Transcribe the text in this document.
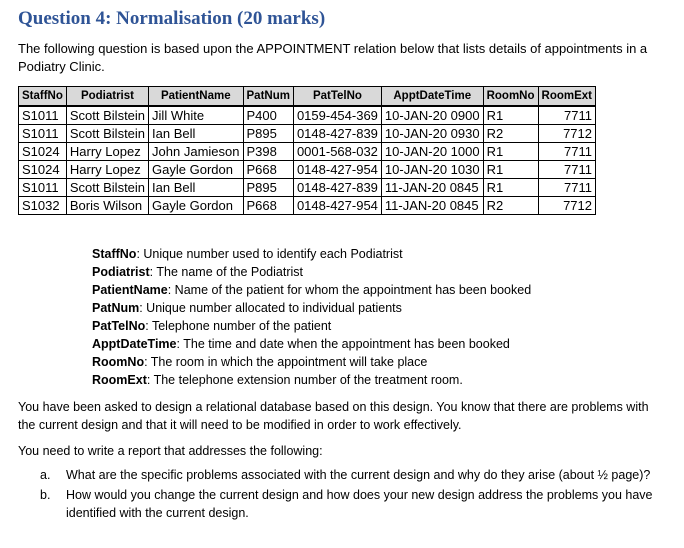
Question 4: Normalisation (20 marks)
The following question is based upon the APPOINTMENT relation below that lists details of appointments in a Podiatry Clinic.
StaffNo	Podiatrist	PatientName	PatNum	PatTelNo	ApptDateTime	RoomNo	RoomExt
S1011	Scott Bilstein	Jill White	P400	0159-454-369	10-JAN-20 0900	R1	7711
S1011	Scott Bilstein	Ian Bell	P895	0148-427-839	10-JAN-20 0930	R2	7712
S1024	Harry Lopez	John Jamieson	P398	0001-568-032	10-JAN-20 1000	R1	7711
S1024	Harry Lopez	Gayle Gordon	P668	0148-427-954	10-JAN-20 1030	R1	7711
S1011	Scott Bilstein	Ian Bell	P895	0148-427-839	11-JAN-20 0845	R1	7711
S1032	Boris Wilson	Gayle Gordon	P668	0148-427-954	11-JAN-20 0845	R2	7712
StaffNo: Unique number used to identify each Podiatrist
Podiatrist: The name of the Podiatrist
PatientName: Name of the patient for whom the appointment has been booked
PatNum: Unique number allocated to individual patients
PatTelNo: Telephone number of the patient
ApptDateTime: The time and date when the appointment has been booked
RoomNo: The room in which the appointment will take place
RoomExt: The telephone extension number of the treatment room.
You have been asked to design a relational database based on this design. You know that there are problems with the current design and that it will need to be modified in order to work effectively.
You need to write a report that addresses the following:
a. What are the specific problems associated with the current design and why do they arise (about ½ page)?
b. How would you change the current design and how does your new design address the problems you have identified with the current design.
